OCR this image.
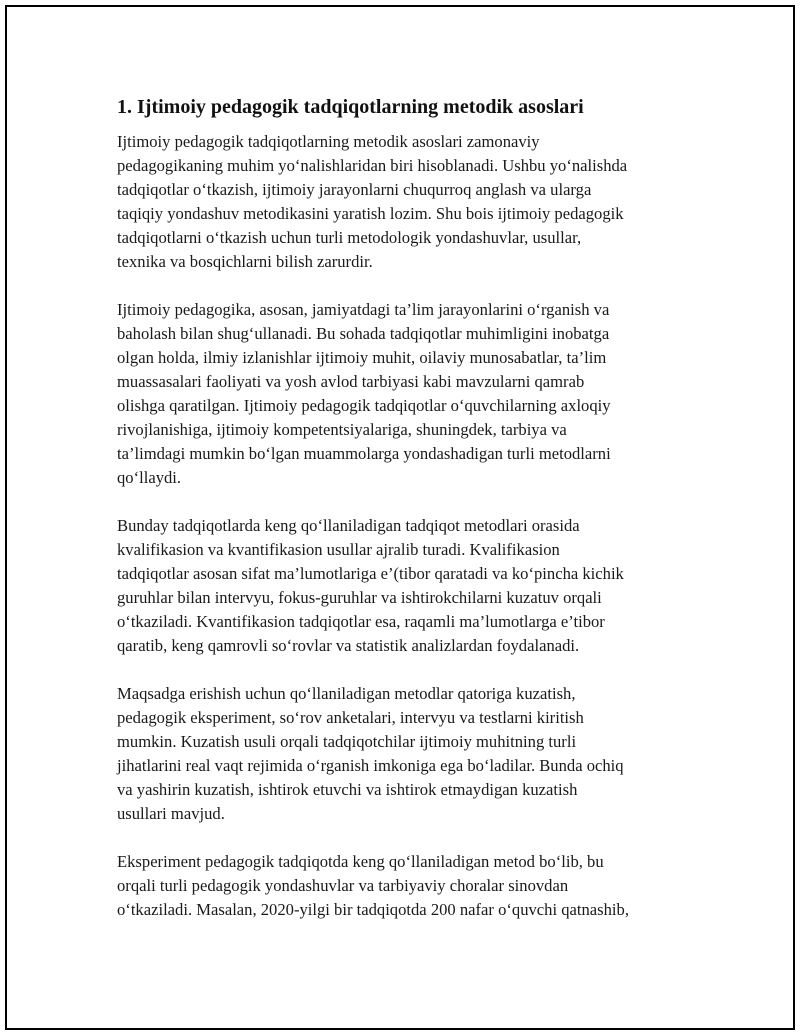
1. Ijtimoiy pedagogik tadqiqotlarning metodik asoslari

Ijtimoiy pedagogik tadqiqotlarning metodik asoslari zamonaviy
pedagogikaning muhim yo‘nalishlaridan biri hisoblanadi. Ushbu yo‘nalishda
tadqiqotlar o‘tkazish, ijtimoiy jarayonlarni chuqurroq anglash va ularga
taqiqiy yondashuv metodikasini yaratish lozim. Shu bois ijtimoiy pedagogik
tadqiqotlarni o‘tkazish uchun turli metodologik yondashuvlar, usullar,
texnika va bosqichlarni bilish zarurdir.

Ijtimoiy pedagogika, asosan, jamiyatdagi ta’lim jarayonlarini o‘rganish va
baholash bilan shug‘ullanadi. Bu sohada tadqiqotlar muhimligini inobatga
olgan holda, ilmiy izlanishlar ijtimoiy muhit, oilaviy munosabatlar, ta’lim
muassasalari faoliyati va yosh avlod tarbiyasi kabi mavzularni qamrab
olishga qaratilgan. Ijtimoiy pedagogik tadqiqotlar o‘quvchilarning axloqiy
rivojlanishiga, ijtimoiy kompetentsiyalariga, shuningdek, tarbiya va
ta’limdagi mumkin bo‘lgan muammolarga yondashadigan turli metodlarni
qo‘llaydi.

Bunday tadqiqotlarda keng qo‘llaniladigan tadqiqot metodlari orasida
kvalifikasion va kvantifikasion usullar ajralib turadi. Kvalifikasion
tadqiqotlar asosan sifat ma’lumotlariga e’(tibor qaratadi va ko‘pincha kichik
guruhlar bilan intervyu, fokus-guruhlar va ishtirokchilarni kuzatuv orqali
o‘tkaziladi. Kvantifikasion tadqiqotlar esa, raqamli ma’lumotlarga e’tibor
qaratib, keng qamrovli so‘rovlar va statistik analizlardan foydalanadi.

Maqsadga erishish uchun qo‘llaniladigan metodlar qatoriga kuzatish,
pedagogik eksperiment, so‘rov anketalari, intervyu va testlarni kiritish
mumkin. Kuzatish usuli orqali tadqiqotchilar ijtimoiy muhitning turli
jihatlarini real vaqt rejimida o‘rganish imkoniga ega bo‘ladilar. Bunda ochiq
va yashirin kuzatish, ishtirok etuvchi va ishtirok etmaydigan kuzatish
usullari mavjud.

Eksperiment pedagogik tadqiqotda keng qo‘llaniladigan metod bo‘lib, bu
orqali turli pedagogik yondashuvlar va tarbiyaviy choralar sinovdan
o‘tkaziladi. Masalan, 2020-yilgi bir tadqiqotda 200 nafar o‘quvchi qatnashib,
